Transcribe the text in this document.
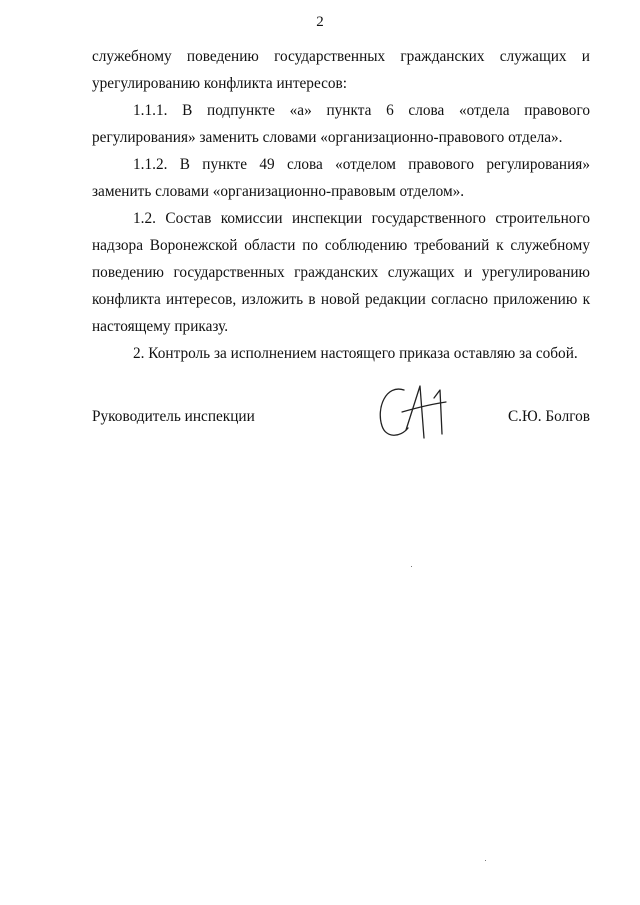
2

служебному поведению государственных гражданских служащих и урегулированию конфликта интересов:

1.1.1. В подпункте «а» пункта 6 слова «отдела правового регулирования» заменить словами «организационно-правового отдела».

1.1.2. В пункте 49 слова «отделом правового регулирования» заменить словами «организационно-правовым отделом».

1.2. Состав комиссии инспекции государственного строительного надзора Воронежской области по соблюдению требований к служебному поведению государственных гражданских служащих и урегулированию конфликта интересов, изложить в новой редакции согласно приложению к настоящему приказу.

2. Контроль за исполнением настоящего приказа оставляю за собой.

Руководитель инспекции	С.Ю. Болгов
